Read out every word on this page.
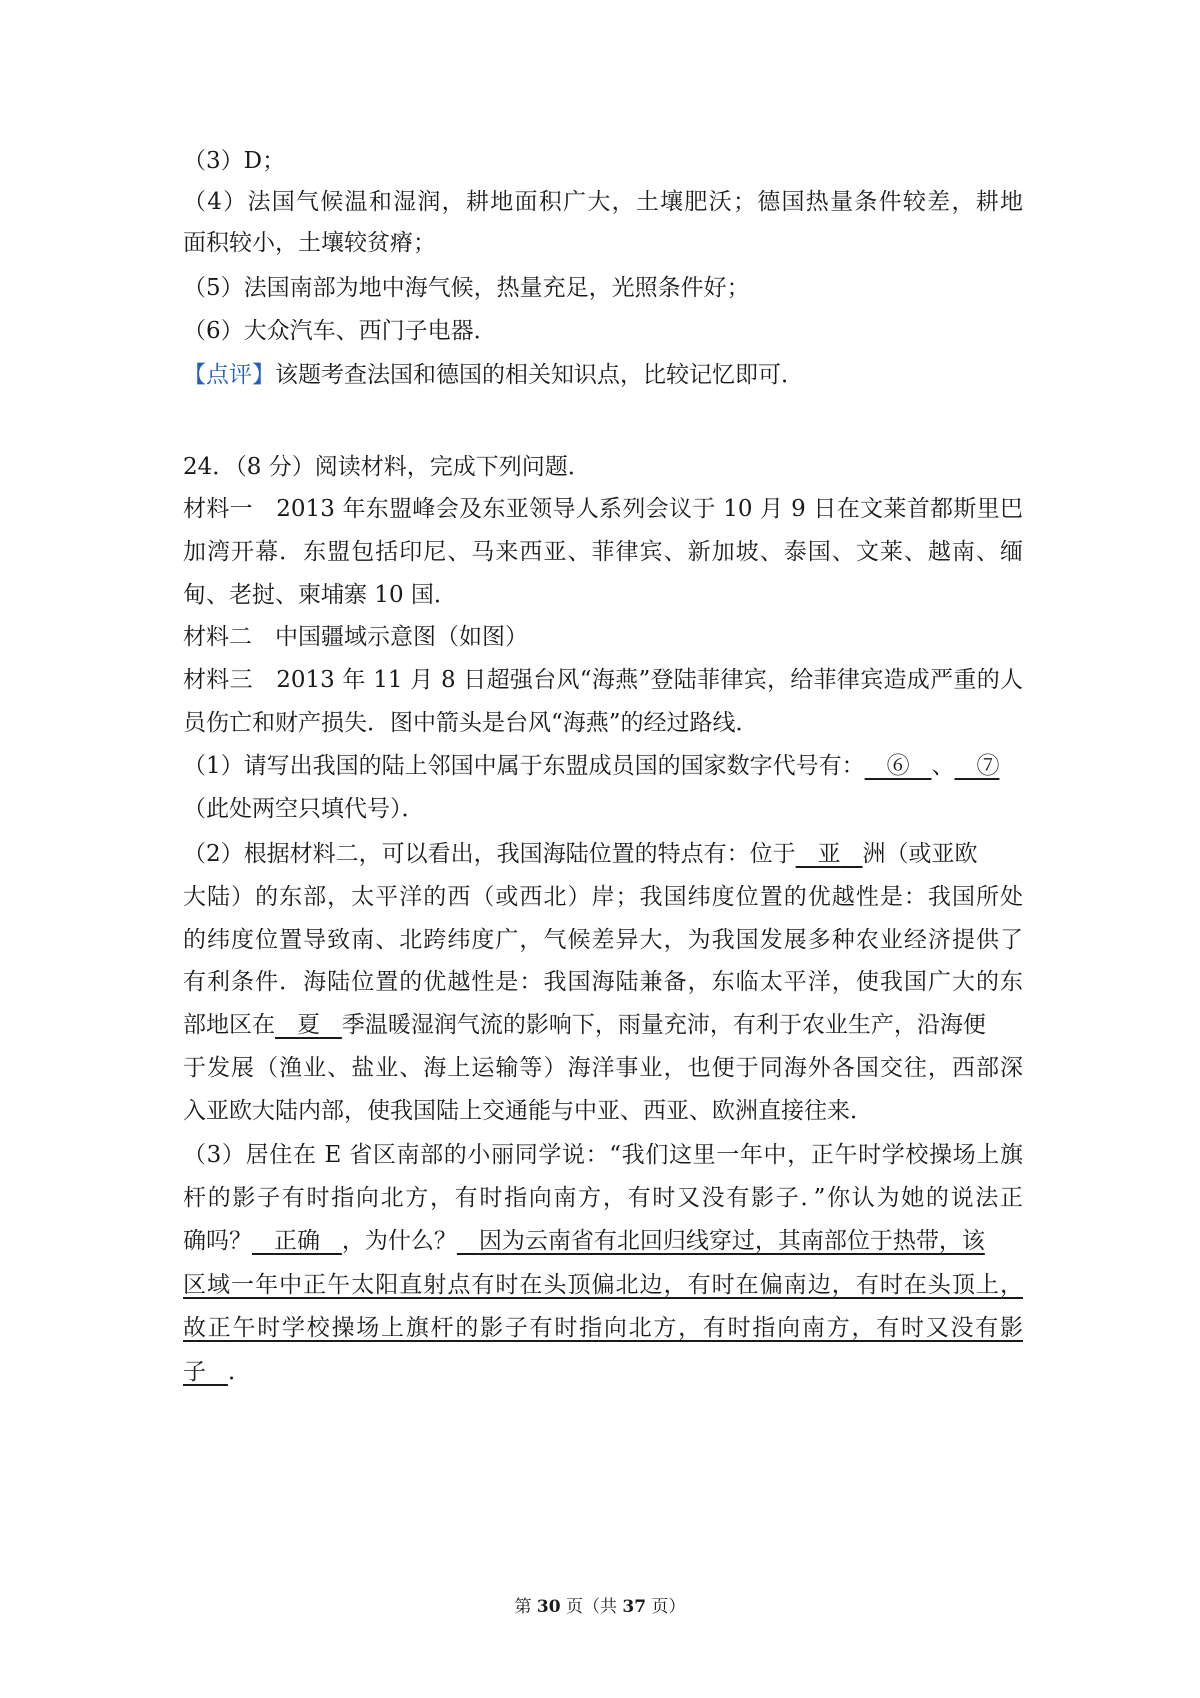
（3）D；
（4）法国气候温和湿润，耕地面积广大，土壤肥沃；德国热量条件较差，耕地
面积较小，土壤较贫瘠；
（5）法国南部为地中海气候，热量充足，光照条件好；
（6）大众汽车、西门子电器．
【点评】该题考查法国和德国的相关知识点，比较记忆即可．
24．（8 分）阅读材料，完成下列问题．
材料一　2013 年东盟峰会及东亚领导人系列会议于 10 月 9 日在文莱首都斯里巴
加湾开幕．东盟包括印尼、马来西亚、菲律宾、新加坡、泰国、文莱、越南、缅
甸、老挝、柬埔寨 10 国．
材料二　中国疆域示意图（如图）
材料三　2013 年 11 月 8 日超强台风“海燕”登陆菲律宾，给菲律宾造成严重的人
员伤亡和财产损失．图中箭头是台风“海燕”的经过路线．
（1）请写出我国的陆上邻国中属于东盟成员国的国家数字代号有： ⑥ 、 ⑦
（此处两空只填代号）．
（2）根据材料二，可以看出，我国海陆位置的特点有：位于 亚 洲（或亚欧
大陆）的东部，太平洋的西（或西北）岸；我国纬度位置的优越性是：我国所处
的纬度位置导致南、北跨纬度广，气候差异大，为我国发展多种农业经济提供了
有利条件．海陆位置的优越性是：我国海陆兼备，东临太平洋，使我国广大的东
部地区在 夏 季温暖湿润气流的影响下，雨量充沛，有利于农业生产，沿海便
于发展（渔业、盐业、海上运输等）海洋事业，也便于同海外各国交往，西部深
入亚欧大陆内部，使我国陆上交通能与中亚、西亚、欧洲直接往来．
（3）居住在 E 省区南部的小丽同学说：“我们这里一年中，正午时学校操场上旗
杆的影子有时指向北方，有时指向南方，有时又没有影子．”你认为她的说法正
确吗？ 正确 ，为什么？ 因为云南省有北回归线穿过，其南部位于热带，该
区域一年中正午太阳直射点有时在头顶偏北边，有时在偏南边，有时在头顶上，
故正午时学校操场上旗杆的影子有时指向北方，有时指向南方，有时又没有影
子 ．
第 30 页（共 37 页）
